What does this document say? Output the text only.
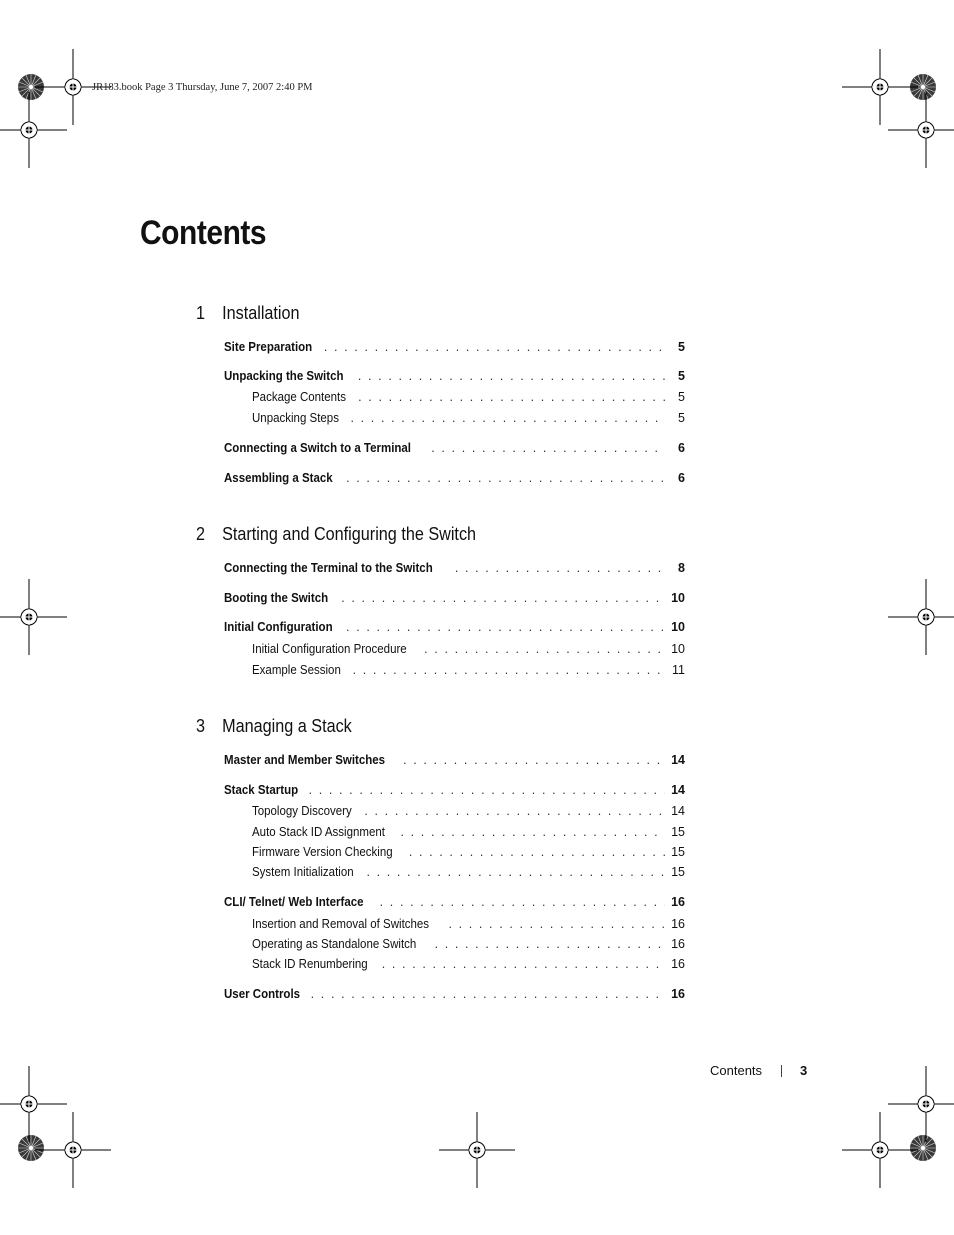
JR183.book Page 3 Thursday, June 7, 2007 2:40 PM
Contents
1 Installation
Site Preparation . . .	5
Unpacking the Switch . . .	5
Package Contents . . .	5
Unpacking Steps . . .	5
Connecting a Switch to a Terminal . . .	6
Assembling a Stack . . .	6
2 Starting and Configuring the Switch
Connecting the Terminal to the Switch . . .	8
Booting the Switch . . .	10
Initial Configuration . . .	10
Initial Configuration Procedure . . .	10
Example Session . . .	11
3 Managing a Stack
Master and Member Switches . . .	14
Stack Startup . . .	14
Topology Discovery . . .	14
Auto Stack ID Assignment . . .	15
Firmware Version Checking . . .	15
System Initialization . . .	15
CLI/ Telnet/ Web Interface . . .	16
Insertion and Removal of Switches . . .	16
Operating as Standalone Switch . . .	16
Stack ID Renumbering . . .	16
User Controls . . .	16
Contents	3
